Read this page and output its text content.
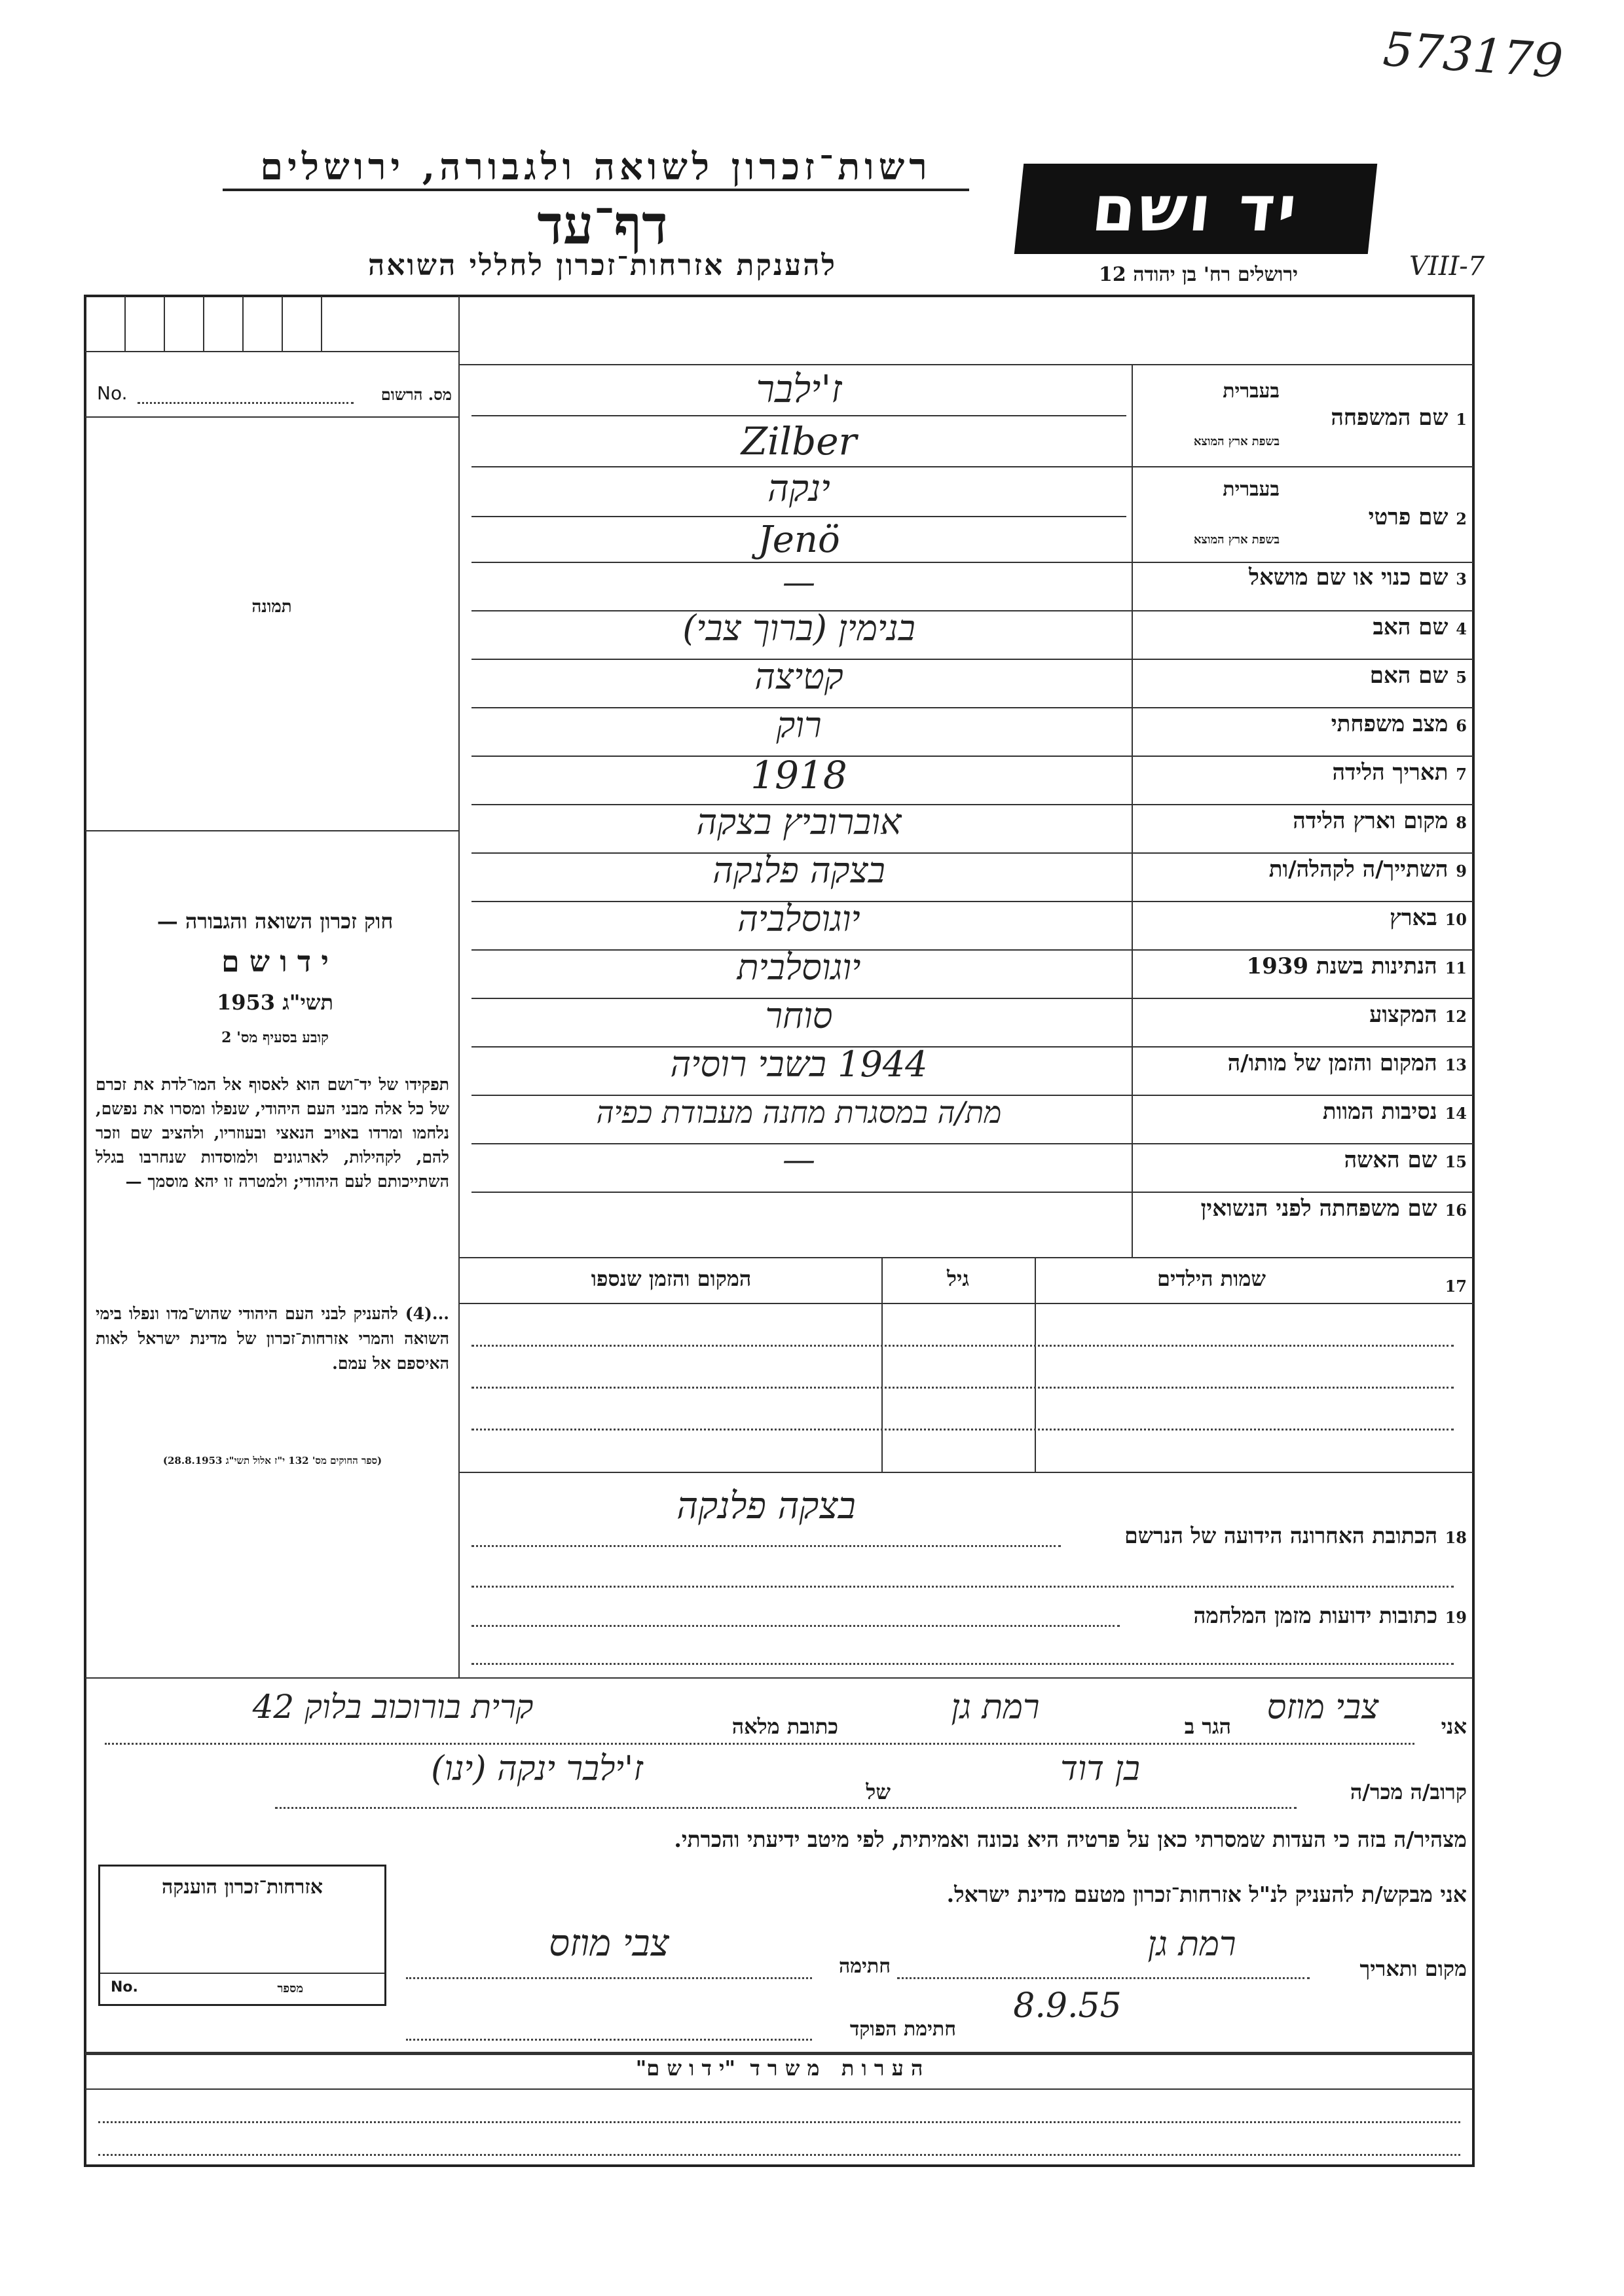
573179
VIII-7
רשות־זכרון לשואה ולגבורה, ירושלים
דף־עד
להענקת אזרחות־זכרון לחללי השואה
יד ושם
ירושלים רח' בן יהודה 12
No.	מס. הרשום
תמונה
חוק זכרון השואה והגבורה —
י ד ו ש ם
תשי"ג 1953
קובע בסעיף מס' 2
תפקידו של יד־ושם הוא לאסוף אל המו־לדת את זכרם של כל אלה מבני העם היהודי, שנפלו ומסרו את נפשם, נלחמו ומרדו באויב הנאצי ובעוזריו, ולהציב שם וזכר להם, לקהילות, לארגונים ולמוסדות שנחרבו בגלל השתייכותם לעם היהודי; ולמטרה זו יהא מוסמך —
...(4) להעניק לבני העם היהודי שהוש־מדו ונפלו בימי השואה והמרי אזרחות־זכרון של מדינת ישראל לאות האיספם אל עמם.
(ספר החוקים מס' 132 י"ז אלול תשי"ג 28.8.1953)
בעברית
1 שם המשפחה
בשפת ארץ המוצא
ז'ילבר
Zilber
בעברית
2 שם פרטי
בשפת ארץ המוצא
ינקה
Jenö
3 שם כנוי או שם מושאל
—
4 שם האב
בנימין (ברוך צבי)
5 שם האם
קטיצה
6 מצב משפחתי
רוק
7 תאריך הלידה
1918
8 מקום וארץ הלידה
אוברוביץ בצקה
9 השתייך/ה לקהלה/ות
בצקה פלנקה
10 בארץ
יוגוסלביה
11 הנתינות בשנת 1939
יוגוסלבית
12 המקצוע
סוחר
13 המקום והזמן של מותו/ה
1944 בשבי רוסיה
14 נסיבות המוות
מת/ה במסגרת מחנה מעבודת כפיה
15 שם האשה
—
16 שם משפחתה לפני הנשואין
17
שמות הילדים
גיל
המקום והזמן שנספו
18 הכתובת האחרונה הידועה של הנרשם
בצקה פלנקה
19 כתובות ידועות מזמן המלחמה
אני
צבי מוזס
הגר ב
רמת גן
כתובת מלאה
קרית בורוכוב בלוק 42
קרוב/ה מכר/ה
בן דוד
של
ז'ילבר ינקה (ינו)
מצהיר/ה בזה כי העדות שמסרתי כאן על פרטיה היא נכונה ואמיתית, לפי מיטב ידיעתי והכרתי.
אני מבקש/ת להעניק לנ"ל אזרחות־זכרון מטעם מדינת ישראל.
מקום ותאריך
רמת גן
8.9.55
חתימה
צבי מוזס
חתימת הפוקד
אזרחות־זכרון הוענקה
No.	מספר
ה ע ר ו ת   מ ש ר ד  "י ד ו ש ם"
